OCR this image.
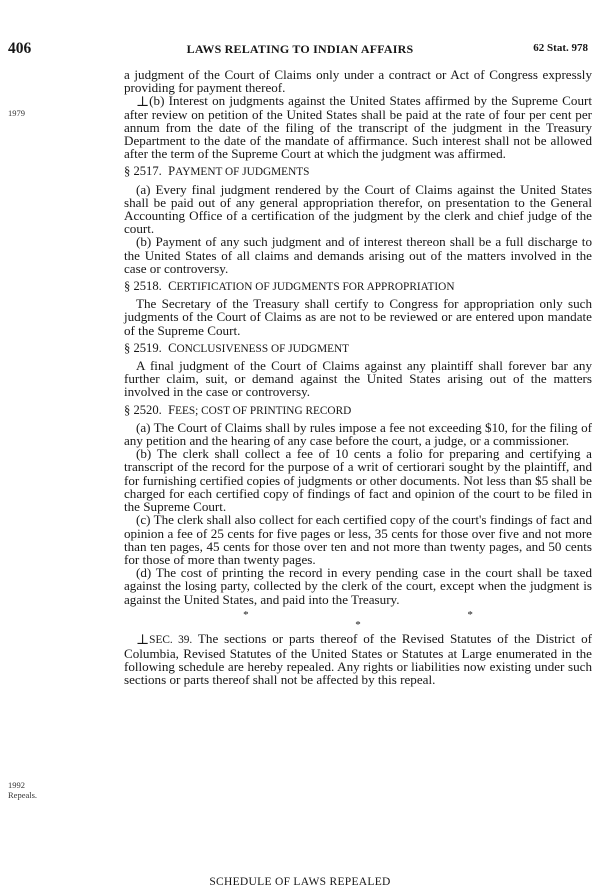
406	LAWS RELATING TO INDIAN AFFAIRS	62 Stat. 978
1979
1992
Repeals.

a judgment of the Court of Claims only under a contract or Act of Congress expressly providing for payment thereof.

⊥(b) Interest on judgments against the United States affirmed by the Supreme Court after review on petition of the United States shall be paid at the rate of four per cent per annum from the date of the filing of the transcript of the judgment in the Treasury Department to the date of the mandate of affirmance. Such interest shall not be allowed after the term of the Supreme Court at which the judgment was affirmed.

§ 2517. PAYMENT OF JUDGMENTS

(a) Every final judgment rendered by the Court of Claims against the United States shall be paid out of any general appropriation therefor, on presentation to the General Accounting Office of a certification of the judgment by the clerk and chief judge of the court.

(b) Payment of any such judgment and of interest thereon shall be a full discharge to the United States of all claims and demands arising out of the matters involved in the case or controversy.

§ 2518. CERTIFICATION OF JUDGMENTS FOR APPROPRIATION

The Secretary of the Treasury shall certify to Congress for appropriation only such judgments of the Court of Claims as are not to be reviewed or are entered upon mandate of the Supreme Court.

§ 2519. CONCLUSIVENESS OF JUDGMENT

A final judgment of the Court of Claims against any plaintiff shall forever bar any further claim, suit, or demand against the United States arising out of the matters involved in the case or controversy.

§ 2520. FEES; COST OF PRINTING RECORD

(a) The Court of Claims shall by rules impose a fee not exceeding $10, for the filing of any petition and the hearing of any case before the court, a judge, or a commissioner.

(b) The clerk shall collect a fee of 10 cents a folio for preparing and certifying a transcript of the record for the purpose of a writ of certiorari sought by the plaintiff, and for furnishing certified copies of judgments or other documents. Not less than $5 shall be charged for each certified copy of findings of fact and opinion of the court to be filed in the Supreme Court.

(c) The clerk shall also collect for each certified copy of the court's findings of fact and opinion a fee of 25 cents for five pages or less, 35 cents for those over five and not more than ten pages, 45 cents for those over ten and not more than twenty pages, and 50 cents for those of more than twenty pages.

(d) The cost of printing the record in every pending case in the court shall be taxed against the losing party, collected by the clerk of the court, except when the judgment is against the United States, and paid into the Treasury.

* * *

⊥SEC. 39. The sections or parts thereof of the Revised Statutes of the District of Columbia, Revised Statutes of the United States or Statutes at Large enumerated in the following schedule are hereby repealed. Any rights or liabilities now existing under such sections or parts thereof shall not be affected by this repeal.

SCHEDULE OF LAWS REPEALED
